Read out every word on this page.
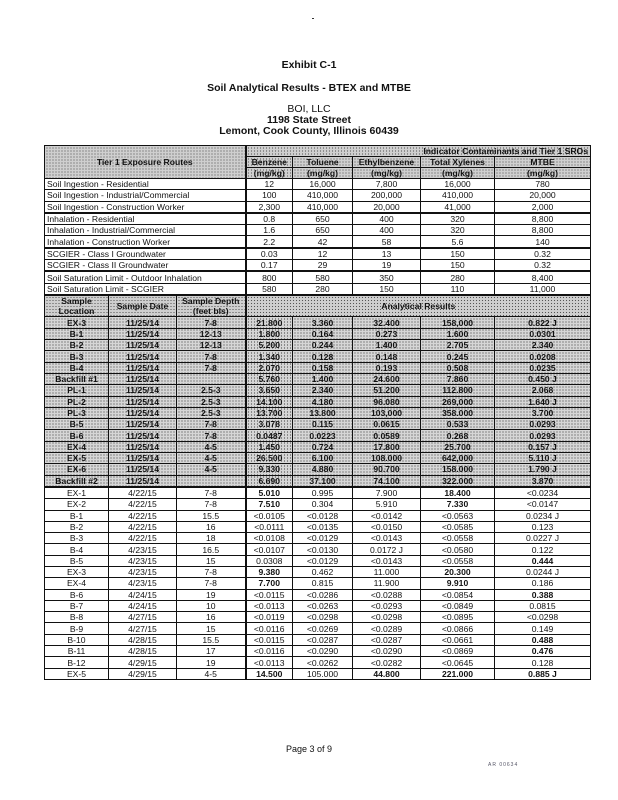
Exhibit C-1
Soil Analytical Results - BTEX and MTBE
BOI, LLC
1198 State Street
Lemont, Cook County, Illinois 60439
Tier 1 Exposure Routes			Indicator Contaminants and Tier 1 SROs				
			Benzene	Toluene	Ethylbenzene	Total Xylenes	MTBE
			(mg/kg)	(mg/kg)	(mg/kg)	(mg/kg)	(mg/kg)
Soil Ingestion - Residential			12	16,000	7,800	16,000	780
Soil Ingestion - Industrial/Commercial			100	410,000	200,000	410,000	20,000
Soil Ingestion - Construction Worker			2,300	410,000	20,000	41,000	2,000
Inhalation - Residential			0.8	650	400	320	8,800
Inhalation - Industrial/Commercial			1.6	650	400	320	8,800
Inhalation - Construction Worker			2.2	42	58	5.6	140
SCGIER - Class I Groundwater			0.03	12	13	150	0.32
SCGIER - Class II Groundwater			0.17	29	19	150	0.32
Soil Saturation Limit - Outdoor Inhalation			800	580	350	280	8,400
Soil Saturation Limit - SCGIER			580	280	150	110	11,000
Sample Location	Sample Date	Sample Depth (feet bls)	Analytical Results				
EX-3	11/25/14	7-8	21.800	3.360	32.400	158,000	0.822 J
B-1	11/25/14	12-13	1.800	0.164	0.273	1.600	0.0301
B-2	11/25/14	12-13	5.200	0.244	1.400	2.705	2.340
B-3	11/25/14	7-8	1.340	0.128	0.148	0.245	0.0208
B-4	11/25/14	7-8	2.070	0.158	0.193	0.508	0.0235
Backfill #1	11/25/14		5.760	1.400	24.600	7.860	0.450 J
PL-1	11/25/14	2.5-3	3.650	2.340	51.200	112.800	2.068
PL-2	11/25/14	2.5-3	14.100	4.180	96.080	269,000	1.640 J
PL-3	11/25/14	2.5-3	13.700	13.800	103,000	358.000	3.700
B-5	11/25/14	7-8	3.078	0.115	0.0615	0.533	0.0293
B-6	11/25/14	7-8	0.0487	0.0223	0.0589	0.268	0.0293
EX-4	11/25/14	4-5	1.450	0.724	17.800	25.700	0.157 J
EX-5	11/25/14	4-5	26.500	6.100	108.000	642,000	5.110 J
EX-6	11/25/14	4-5	9.330	4.880	90.700	158.000	1.790 J
Backfill #2	11/25/14		6.690	37.100	74.100	322.000	3.870
EX-1	4/22/15	7-8	5.010	0.995	7.900	18.400	<0.0234
EX-2	4/22/15	7-8	7.510	0.304	5.910	7.330	<0.0147
B-1	4/22/15	15.5	<0.0105	<0.0128	<0.0142	<0.0563	0.0234 J
B-2	4/22/15	16	<0.0111	<0.0135	<0.0150	<0.0585	0.123
B-3	4/22/15	18	<0.0108	<0.0129	<0.0143	<0.0558	0.0227 J
B-4	4/23/15	16.5	<0.0107	<0.0130	0.0172 J	<0.0580	0.122
B-5	4/23/15	15	0.0308	<0.0129	<0.0143	<0.0558	0.444
EX-3	4/23/15	7-8	9.380	0.462	11.000	20.300	0.0244 J
EX-4	4/23/15	7-8	7.700	0.815	11.900	9.910	0.186
B-6	4/24/15	19	<0.0115	<0.0286	<0.0288	<0.0854	0.388
B-7	4/24/15	10	<0.0113	<0.0263	<0.0293	<0.0849	0.0815
B-8	4/27/15	16	<0.0119	<0.0298	<0.0298	<0.0895	<0.0298
B-9	4/27/15	15	<0.0116	<0.0269	<0.0289	<0.0866	0.149
B-10	4/28/15	15.5	<0.0115	<0.0287	<0.0287	<0.0661	0.488
B-11	4/28/15	17	<0.0116	<0.0290	<0.0290	<0.0869	0.476
B-12	4/29/15	19	<0.0113	<0.0262	<0.0282	<0.0645	0.128
EX-5	4/29/15	4-5	14.500	105.000	44.800	221.000	0.885 J
Page 3 of 9
AR 00634
